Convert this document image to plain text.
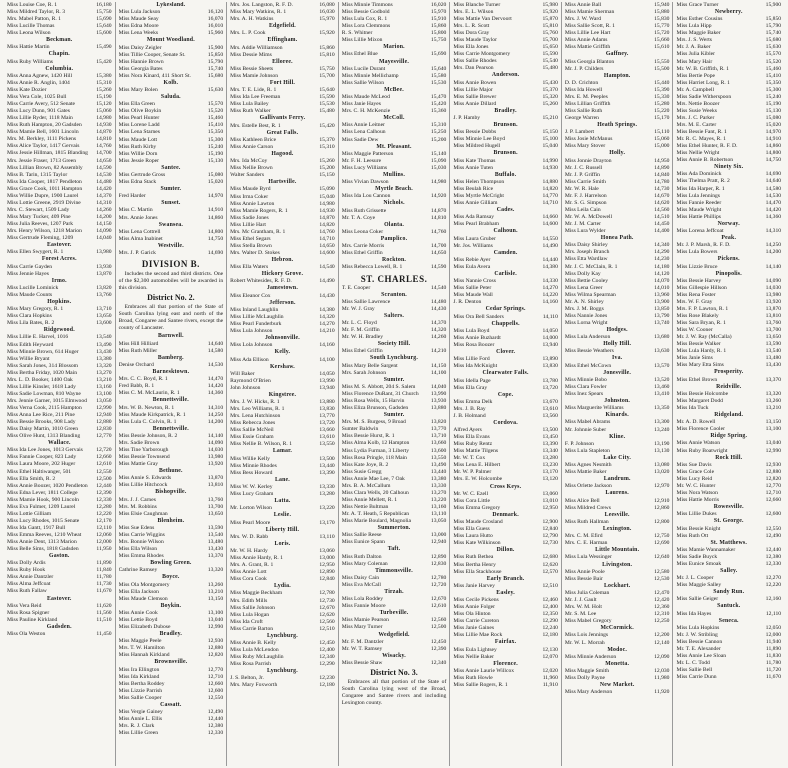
Miss Louise Coe, R. 1	16,180
Miss Mildred Taylor, R. 3	15,750
Mrs. Mabel Patton, R. 1	15,690
Miss Lucille Thomas	15,640
Miss Leona Wilson	15,600
Beckman.
Miss Hattie Martin	15,490
Chapin.
Miss Ruby Williams	15,420
Columbia.
Miss Anna Agnew, 1420 Hill	15,380
Miss Annie R. Anglin, 1404	15,310
Miss Kate Dozier	15,260
Miss Vera Cole, 1025 Bull	15,190
Miss Carrie Avery, 512 Senate	15,120
Miss Lucy Dunn, 901 Gates	15,060
Miss Lillie Ryder, 1118 Main	14,980
Miss Ruth Hampton, 20 Gadsden	14,930
Miss Mamie Bell, 1601 Lincoln	14,870
Mrs. M. Berkley, 1111 Pickens	14,810
Miss Alice Taylor, 1417 Gervais	14,760
Miss Jessie Hillman, 1815 Blanding	14,700
Mrs. Jessie Fraser, 1713 Green	14,650
Miss Lillian Brown, 82 Assembly	14,590
Miss B. Tarin, 1315 Taylor	14,530
Miss Ida Cooper, 1817 Pendleton	14,480
Miss Grace Cook, 1011 Hampton	14,420
Miss Willie Dupre, 1900 Laurel	14,370
Miss Lottie Greene, 2919 Divine	14,310
Mrs. C. Stewart, 1509 Lady	14,260
Miss Mary Tucker, 409 Pine	14,200
Miss Julia Reeves, 1207 Park	14,150
Mrs. Henry Wilson, 1218 Marion	14,090
Miss Gertrude Fleming, 1209	14,040
Eastover.
Miss Ellen Swygert, R. 1	13,980
Forest Acres.
Miss Carrie Gayden	13,930
Miss Jennie Hayes	13,870
Irmo.
Miss Lucille Lominick	13,820
Miss Maude Counts	13,760
Hopkins.
Miss Mary Gregory, R. 1	13,710
Miss Clara Hopkins	13,650
Miss Lila Bates, R. 2	13,600
Ridgewood.
Miss Lillie E. Harvel, 1016	13,540
Miss Edith Heyward	13,490
Miss Minnie Brown, 614 Huger	13,430
Miss Willie Bryant	13,380
Miss Sarah Jones, 314 Blossom	13,320
Miss Bertha Friday, 1020 Main	13,270
Mrs. L. D. Booker, 1400 Oak	13,210
Miss Lillie Kinsler, 1618 Lady	13,160
Miss Sadie Lowman, 810 Wayne	13,100
Mrs. Jennie Garner, 1015 Elmwood	13,050
Miss Verna Cook, 2115 Hampton	12,990
Miss Anna Lee Rice, 211 Pine	12,940
Miss Bessie Brooks, 908 Lady	12,880
Miss Daisy Martin, 1010 Green	12,830
Miss Olive Hunt, 1313 Blanding	12,770
Wallace.
Miss Ida Lee Jones, 1013 Gervais	12,720
Miss Fannie Cooper, 823 Lady	12,660
Miss Laura Moore, 202 Huger	12,610
Miss Ethel Haltiwanger, 501	12,550
Miss Ella Smith, R. 2	12,500
Miss Annie Boozer, 1020 Pendleton	12,440
Miss Edna Lever, 1811 College	12,390
Miss Mamie Hook, 900 Lincoln	12,330
Miss Eva Fulmer, 1209 Laurel	12,280
Miss Lottie Gilliam	12,220
Miss Lucy Rhodes, 1015 Senate	12,170
Miss Ida Gantt, 1917 Bull	12,110
Miss Emma Reeves, 1210 Wheat	12,060
Miss Annie Dent, 1313 Marion	12,000
Miss Belle Sims, 1818 Gadsden	11,950
Gaston.
Miss Dolly Ardis	11,890
Miss Ruby Hook	11,840
Miss Annie Dantzler	11,780
Miss Alma Jeffcoat	11,730
Miss Ruth Fallaw	11,670
Eastover.
Miss Vera Reid	11,620
Miss Rosa Spigner	11,560
Miss Pauline Kirkland	11,510
Gadsden.
Miss Ola Weston	11,450
Lykesland.
Miss Lula Jackson	16,120
Miss Maude Seay	16,070
Miss Edna Moore	16,010
Miss Lena Weeks	15,960
Mount Woodland.
Miss Daisy Zeigler	15,900
Miss Tillie Cooper, Senate St.	15,850
Miss Hannie Brown	15,790
Miss Georgia Bates	15,740
Miss Nora Kinard, 411 Short St.	15,680
Kolb.
Miss Mary Bolen	15,630
Saluda.
Miss Ella Green	15,570
Miss Olive Boykin	15,520
Miss Pearl Hunter	15,460
Miss Lorene Ladd	15,410
Miss Lena Starnes	15,350
Miss Maude Lott	15,300
Miss Ruth Kirby	15,240
Miss Willie Dorn	15,190
Miss Jessie Roper	15,130
Santee.
Miss Gertrude Gross	15,080
Miss Edna Stack	15,020
Sumter.
Fred Harder	14,970
Sunset.
Miss C. Martin	14,910
Mrs. Annie Jones	14,860
Swansea.
Miss Lena Cottrell	14,800
Miss Alma Inabinet	14,750
Westville.
Mrs. J. P. Garick	14,690
DIVISION B.
Includes the second and third districts. One of the $2,300 automobiles will be awarded in this division.
District No. 2.
Embraces all that portion of the State of South Carolina lying east and north of the Broad, Congaree and Santee rivers, except the county of Lancaster.
Barnwell.
Miss Hill Hilliard	14,640
Miss Ruth Miller	14,580
Bamberg.
Denise Orchard	14,530
Barnesktown.
Mrs. C. C. Boyd, R. 1	14,470
Fred Babb, R. 1	14,420
Miss C. M. McLaurin, R. 1	14,360
Bennettsville.
Mrs. W. B. Newton, R. 1	14,310
Miss Maude Kirkpatrick, R. 1	14,250
Miss Lula C. Colvin, R. 1	14,200
Bennettsville.
Miss Bessie Johnson, R. 2	14,140
Mrs. Sadie Brown	14,090
Miss Tine Yarborough	14,030
Miss Bessie Townsend	13,980
Miss Mattie Gray	13,920
Bethune.
Miss Annie S. Edwards	13,870
Miss Lillie Hitchcock	13,810
Bishopville.
Mrs. J. J. Carnes	13,760
Mrs. M. Robbins	13,700
Miss Elsie Caughman	13,650
Blenheim.
Miss Sue Edens	13,590
Miss Carrie Wiggins	13,540
Mrs. Bonnie Wilson	13,480
Miss Ella Wilson	13,430
Miss Emma Rhodes	13,370
Bowling Green.
Cathrine Ramsey	13,320
Boyce.
Miss Ola Montgomery	13,260
Miss Ella Jackson	13,210
Miss Maude Clemson	13,150
Boykin.
Miss Annie Cook	13,100
Miss Lettie Boyd	13,040
Miss Elizabeth Dubose	12,990
Bradley.
Miss Maggie Peele	12,930
Mrs. T. W. Hamilton	12,880
Miss Hannah Kirkland	12,820
Brownsville.
Miss Ira Ellington	12,770
Miss Ida Kirkland	12,710
Miss Bertha Roddey	12,660
Miss Lizzie Parrish	12,600
Miss Sallie Cooper	12,550
Cassatt.
Miss Vergie Gainey	12,490
Miss Annie L. Ellis	12,440
Mrs. R. J. Clark	12,380
Miss Lillie Green	12,330
Mrs. Jos. Langston, R. F. D.	16,080
Miss Mary Watkins, R. 1	16,030
Mrs. A. H. Watkins	15,970
Edgefield.
Mrs. L. P. Cook	15,920
Effingham.
Mrs. Addie Williamson	15,860
Miss Dessie Mims	15,810
Elloree.
Miss Bessie Sheets	15,750
Miss Mamie Johnson	15,700
Fort Hill.
Mrs. T. E. Lide, R. 1	15,640
Miss Ida Lee Freeman	15,590
Miss Lula Bailey	15,530
Miss Ruth Walker	15,480
Gallivants Ferry.
Mrs. Estelle Best, R. 1	15,420
Great Falls.
Miss Kathleen Brice	15,370
Miss Annie Carson	15,310
Hagood.
Mrs. Ida McCoy	15,260
Miss Nellie Brown	15,200
Walter Sanders	15,150
Hartsville.
Miss Maude Byrd	15,090
Miss Irma Coker	15,040
Miss Annie Lawton	14,980
Miss Mamie Rogers, R. 1	14,930
Miss Sadie Jones	14,870
Miss Lillie Hart	14,820
Mrs. Mc Grantham, R. 1	14,760
Miss Ethel Segars	14,710
Miss Stella Brown	14,650
Mrs. Walter D. Stokes	14,600
Hebron.
Miss Ella Waters	14,540
Hickory Grove.
Robert Whitesides, R. F. D.	14,490
Jamestown.
Miss Eleanor Cox	14,430
Jefferson.
Miss Inland Laughlin	14,380
Miss Lillie McLaughlin	14,320
Miss Pearl Funderburk	14,270
Miss Lula Johnson	14,210
Johnsonville.
Miss Lola Johnson	14,160
Kelly.
Miss Ada Ellison	14,100
Kershaw.
Will Baker	14,050
Raymond O'Brien	13,990
John Johnson	13,940
Kingstree.
Mrs. J. W. Hicks, R. 1	13,880
Mrs. Leo Williams, R. 1	13,830
Mrs. Lena Hutchinson	13,770
Miss Rebecca Jones	13,720
Miss Sallie McNeil	13,660
Miss Essie Graham	13,610
Miss Nellie B. Wilson, R. 1	13,550
Lamar.
Miss Willie Kelly	13,500
Miss Minnie Rhodes	13,440
Miss Bess Howard	13,390
Lane.
Miss W. W. Kerley	13,330
Miss Lucy Graham	13,280
Latta.
Mr. Lorton Wilson	13,220
Leslie.
Miss Pearl Moore	13,170
Liberty Hill.
Mrs. W. D. Rabb	13,110
Loris.
Mr. W. H. Hardy	13,060
Miss Annie Hardy, R. 1	13,000
Mrs. A. Grant, R. 1	12,950
Miss Annie Lott	12,890
Miss Cora Cook	12,840
Lydia.
Miss Maggie Beckham	12,780
Mrs. Edith Mills	12,730
Miss Sallie Johnson	12,670
Miss Lula Hogan	12,620
Miss Ida Croft	12,560
Miss Carrie Barton	12,510
Lynchburg.
Miss Annie B. Kelly	12,450
Miss Lula McLendon	12,400
Miss Ruby McLaughlin	12,340
Miss Rosa Parrish	12,290
Lynchburg.
J. S. Belton, Jr.	12,230
Mrs. Mary Foxworth	12,180
Miss Minnie Timmons	16,020
Miss Bessie Godbold	15,970
Miss Lula Cox, R. 1	15,910
Miss Lora Clemmons	15,860
R. S. Whitner	15,800
Miss Lillie Mixon	15,750
Marion.
Miss Ethel Blue	15,690
Mayesville.
Miss Lucile Durant	15,640
Miss Minnie Mellichamp	15,580
Miss Sallie Wilson	15,530
McBee.
Miss Maude McLeod	15,470
Miss Janie Hayes	15,420
Mrs. C. H. McKenzie	15,360
McColl.
Miss Annie Leitner	15,310
Miss Lena Calhoun	15,250
Miss Sadie Dew	15,200
Mt. Pleasant.
Miss Maggie Patterson	15,140
Mr. F. H. Leesure	15,090
Miss Lucy Williams	15,030
Mullins.
Miss Vivian Dawson	14,980
Myrtle Beach.
Miss Ida Lou Cannon	14,920
Nichols.
Miss Ruth Grissette	14,870
Mr. T. A. Coye	14,810
Olanta.
Miss Leona Coker	14,760
Pamplico.
Mrs. Carrie Morris	14,700
Miss Ethel Griffin	14,650
Rockton.
Miss Rebecca Lowell, R. 1	14,590
ST. CHARLES.
T. E. Cooper	14,540
Scranton.
Miss Sallie Lawrence	14,480
Mr. W. J. Gray	14,430
Salters.
Mr. L. C. Floyd	14,370
Mr. F. M. Griffin	14,320
Mr. W. H. Bradley	14,260
Society Hill.
Miss Ethel Griffin	14,210
South Lynchburg.
Miss Mary Belle Sargent	14,150
Mrs. Sarah Johnson	14,100
Sumter.
Miss M. S. Abbott, 204 S. Salem	14,040
Miss Florence DuRant, 31 Church	13,990
Miss Rosa Wells, 15 Harvin	13,930
Miss Eliza Brunson, Gadsden	13,880
Sumter.
Mrs. M. S. Burgess, 9 Broad	13,820
Sumter Baldwin	13,770
Miss Bessie Hurst, R. 1	13,710
Miss Alma Kolb, 12 Hampton	13,660
Miss Lydia Furman, 3 Liberty	13,600
Miss Rosa Pringle, 118 Main	13,550
Miss Kate Joye, R. 2	13,490
Miss Susie Gregg	13,440
Miss Annie Mae Lee, 7 Oak	13,380
Mrs. B. A. McCallum	13,330
Miss Clara Wells, 20 Calhoun	13,270
Miss Annie Mellett, R. 1	13,220
Miss Nettie Bultman	13,160
Mr. A. T. Heath, 5 Republican	13,110
Miss Marie Boulard, Magnolia	13,050
Summerton.
Miss Sallie Reese	13,000
Miss Eunice Spann	12,940
Taft.
Miss Ruth Dalton	12,890
Miss Mary Coleman	12,830
Timmonsville.
Miss Daisy Cain	12,780
Miss Eva McCall	12,720
Tirzah.
Miss Lola Roddey	12,670
Miss Fannie Moore	12,610
Turbeville.
Miss Mamie Pearson	12,560
Miss Mary Turner	12,500
Wedgefield.
Mr. F. M. Dantzler	12,450
Mr. W. T. Ramsey	12,390
Wisacky.
Miss Bessie Shaw	12,340
District No. 3.
Embraces all that portion of the State of South Carolina lying west of the Broad, Congaree and Santee rivers and including Lexington county.
Miss Blanche Turner	15,980
Mrs. E. L. Wilson	15,920
Miss Mattie Van Dervoort	15,870
Mrs. L. R. Scott	15,810
Miss Dora Gray	15,760
Miss Maude Taylor	15,700
Miss Ella Jones	15,650
Miss Carrie Montgomery	15,590
Miss Sallie Rhodes	15,540
Mrs. Dan Pearson	15,480
Anderson.
Miss Annie Bowen	15,430
Miss Lillie Major	15,370
Miss Sallie Brewer	15,320
Miss Annie Dillard	15,260
Bradley.
J. P. Hamby	15,210
Brunson.
Miss Bessie Dobbs	15,150
Miss Minnie Lee Boyd	15,100
Miss Mildred Hugell	15,040
Brunson.
Miss Kate Thomas	14,990
Miss Annie Tuten	14,930
Buffalo.
Miss Helen Thompson	14,880
Miss Beulah Rice	14,820
Miss Myrtle McCright	14,770
Miss Annie Gilliam	14,710
Cades.
Miss Ada Ramsay	14,660
Miss Pearl Brabham	14,600
Calhoun.
Miss Laura Gruber	14,550
Mr. Jos. Williams	14,490
Camden.
Miss Rebie Ayer	14,440
Miss Eula Avera	14,380
Carlisle.
Miss Nannie Cross	14,330
Miss Sallie Peter	14,270
Miss Maude Wall	14,220
J. R. Denton	14,160
Cedar Springs.
Miss Ora Bell Sanders	14,110
Chappells.
Miss Lula Boyd	14,050
Miss Annie Buzhardt	14,000
Miss Rosa Boozer	13,940
Clover.
Miss Lillie Ford	13,890
Miss Ida McKnight	13,830
Clearwater Falls.
Miss Idella Page	13,780
Miss Ella Gray	13,720
Cope.
Miss Emma Delk	13,670
Mrs. J. B. Ray	13,610
J. B. Holmand	13,560
Cordova.
Alfred Ayers	13,500
Miss Ella Evans	13,450
Miss Ruby Rentz	13,390
Miss Mattie Tilgens	13,340
Mr. W. T. Cox	13,280
Miss Lena E. Hilbert	13,230
Mr. W. P. Palmer	13,170
Mrs. E. W. Holcombe	13,120
Cross Keys.
Mr. W. C. Ezell	13,060
Miss Cora Little	13,010
Miss Emma Gregory	12,950
Denmark.
Miss Maude Crosland	12,900
Miss Ella Guess	12,840
Miss Laura Hutto	12,790
Miss Kate Wilkinson	12,730
Dillon.
Miss Ruth Bethea	12,680
Miss Bertha Henry	12,620
Miss Ella Stackhouse	12,570
Early Branch.
Miss Janie Harvey	12,510
Easley.
Miss Cecile Pickens	12,460
Miss Annie Folger	12,400
Miss Ola Hinton	12,350
Miss Carrie Cureton	12,290
Miss Janie Gaines	12,240
Miss Lillie Mae Rock	12,180
Fairfax.
Miss Eula Lightsey	12,130
Miss Nellie Baker	12,070
Florence.
Miss Annie Laurie Willcox	12,020
Miss Ruth Howle	11,960
Miss Sallie Rogers, R. 1	11,910
Miss Annie Ball	15,940
Miss Mamie Sherman	15,880
Mrs. J. W. Ward	15,830
Miss Sallie Scott, R. 1	15,770
Miss Lillie Lee Hart	15,720
Miss Annie Adams	15,660
Miss Mattie Griffith	15,610
Gaffney.
Miss Georgia Blanton	15,550
Mr. J. P. Childers	15,500
Hampton.
D. D. Crichton	15,440
Miss Ida Howell	15,390
Mrs. E. M. Peeples	15,330
Miss Lillian Griffith	15,280
Miss Sallie Ruth	15,220
George Warren	15,170
Heath Springs.
J. P. Lambert	15,110
Miss Josie McManus	15,060
Miss Mary Stover	15,000
Holly.
Miss Jonnie Drayton	14,950
Mr. J. C. Russell	14,890
Mr. J. P. Griffin	14,840
Miss Carrie Smith	14,780
Mr. W. R. Hale	14,730
Mr. F. J. Harrelson	14,670
Mr. S. G. Simpson	14,620
Miss Leila Cain	14,560
Mr. W. A. McDowell	14,510
Mr. J. M. Carter	14,450
Miss Lura Wylder	14,400
Honea Path.
Miss Daisy Shirley	14,340
Mrs. Joseph Branch	14,290
Miss Etta Wardlaw	14,230
Mr. J. C. McClain, R. 1	14,180
Miss Dolly Kay	14,120
Miss Bettie Cooley	14,070
Miss Lena Greer	14,010
Miss Wilma Spearman	13,960
Mr. A. N. Shirley	13,900
Mrs. J. M. Boggs	13,850
Miss Nannie Jones	13,790
Miss Lorna Wright	13,740
Hodges.
Miss Lula Anderson	13,680
Holly Hill.
Miss Bessie Weathers	13,630
Iva.
Miss Ethel McCown	13,570
Jonesville.
Miss Minnie Bobo	13,520
Miss Clara Fowler	13,460
Miss Inez Spears	13,410
Johnston.
Miss Marguerite Williams	13,350
Kinards.
Miss Mabel Abrams	13,300
Mr. Johnnie Suber	13,240
Kline.
F. P. Johnson	13,190
Miss Lula Stapleton	13,130
Lake City.
Miss Agnes Nesmith	13,080
Miss Mattie Baker	13,020
Landrum.
Miss Orlette Jackson	12,970
Laurens.
Miss Alice Bell	12,910
Miss Mildred Crews	12,860
Leesville.
Miss Ruth Hallman	12,800
Lexington.
Mrs. C. M. Efird	12,750
Mrs. C. E. Harman	12,690
Little Mountain.
Miss Lula Wessinger	12,640
Livingston.
Miss Annie Poole	12,580
Miss Bessie Bair	12,530
Lockhart.
Miss Julia Coleman	12,470
Mr. J. J. Gault	12,420
Mrs. W. M. Holt	12,360
Mr. S. M. Lee	12,310
Miss Mabel Gregory	12,250
McCormick.
Miss Lois Jennings	12,200
Mr. W. L. Morrah	12,140
Modoc.
Miss Minnie Anderson	12,090
Monetta.
Miss Maggie Smith	12,030
Miss Dolly Payne	11,980
New Market.
Miss Mary Anderson	11,920
Miss Grace Turner	15,900
Newberry.
Miss Esther Cousins	15,850
Miss Lula Hipp	15,790
Miss Maggie Baker	15,740
Mrs. J. S. Werts	15,680
Mr. J. A. Baker	15,630
Miss Julia Kibler	15,570
Miss Mary Hair	15,520
Mr. W. B. Griffith, R. 1	15,460
Miss Bertie Pope	15,410
Miss Harriet Long, R. 1	15,350
Mr. A. Campbell	15,300
Miss Sadie Witherspoon	15,240
Mrs. Nettie Boozer	15,190
Miss Susie Weeks	15,130
Mrs. J. C. Parker	15,080
Mrs. M. E. Carter	15,020
Miss Bessie Fant, R. 1	14,970
Mr. R. C. Mayes, R. 1	14,910
Miss Ethel Hunter, R. F. D.	14,860
Miss Nellie Wright	14,800
Miss Annie B. Robertson	14,750
Ninety Six.
Miss Ada Dominick	14,690
Miss Thelma Pratt, R. 2	14,640
Miss Ida Harper, R. 1	14,580
Miss Lula Jennings	14,530
Miss Fannie Reeder	14,470
Miss Maude Wright	14,420
Miss Hattie Phillips	14,360
Norway.
Miss Lorena Jeffcoat	14,310
Peak.
Mr. J. P. Marsh, R. F. D.	14,250
Miss Lula Bowers	14,200
Pickens.
Miss Lizzie Bruce	14,140
Pinopolis.
Miss Bessie Harvey	14,090
Miss Gillespie Hillson	14,030
Miss Rena Foster	13,980
Mrs. W. F. Gray	13,920
Mrs. F. P. Lawton, R. 1	13,870
Miss Rose Blakely	13,810
Miss Sara Bryan, R. 1	13,760
Miss W. Cooner	13,700
Mr. J. W. Ray (McCalla)	13,650
Miss Bessie Walker	13,590
Miss Lula Hardy, R. 1	13,540
Miss Janie Sims	13,480
Miss Mary Etta Sims	13,430
Prosperity.
Miss Ethel Brown	13,370
Reidville.
Miss Bessie Holcombe	13,320
Miss Margaret Dodd	13,260
Miss Ida Tuck	13,210
Ridgeland.
Mr. A. D. Rowell	13,150
Miss Florence Cooler	13,100
Ridge Spring.
Miss Annie Watson	13,040
Miss Ruby Boatwright	12,990
Rock Hill.
Miss Sue Davis	12,930
Miss Grace Cole	12,880
Miss Lucy Reid	12,820
Mr. W. C. Hunter	12,770
Miss Nora Watson	12,710
Miss Hattie Morris	12,660
Rowesville.
Miss Lillie Dukes	12,600
St. George.
Miss Bessie Knight	12,550
Miss Ruth Ott	12,490
St. Matthews.
Miss Mamie Wannamaker	12,440
Miss Sadie Buyck	12,380
Miss Eunice Smoak	12,330
Salley.
Mr. J. L. Cooper	12,270
Miss Maggie Salley	12,220
Sandy Run.
Miss Sallie Geiger	12,160
Santuck.
Miss Ida Hayes	12,110
Seneca.
Miss Lula Hopkins	12,050
Mr. J. W. Stribling	12,000
Miss Bessie Cannon	11,940
Mr. T. E. Alexander	11,890
Miss Annie Lee Sloan	11,830
Mr. L. C. Todd	11,780
Miss Sallie Bell	11,720
Miss Carrie Dunn	11,670
